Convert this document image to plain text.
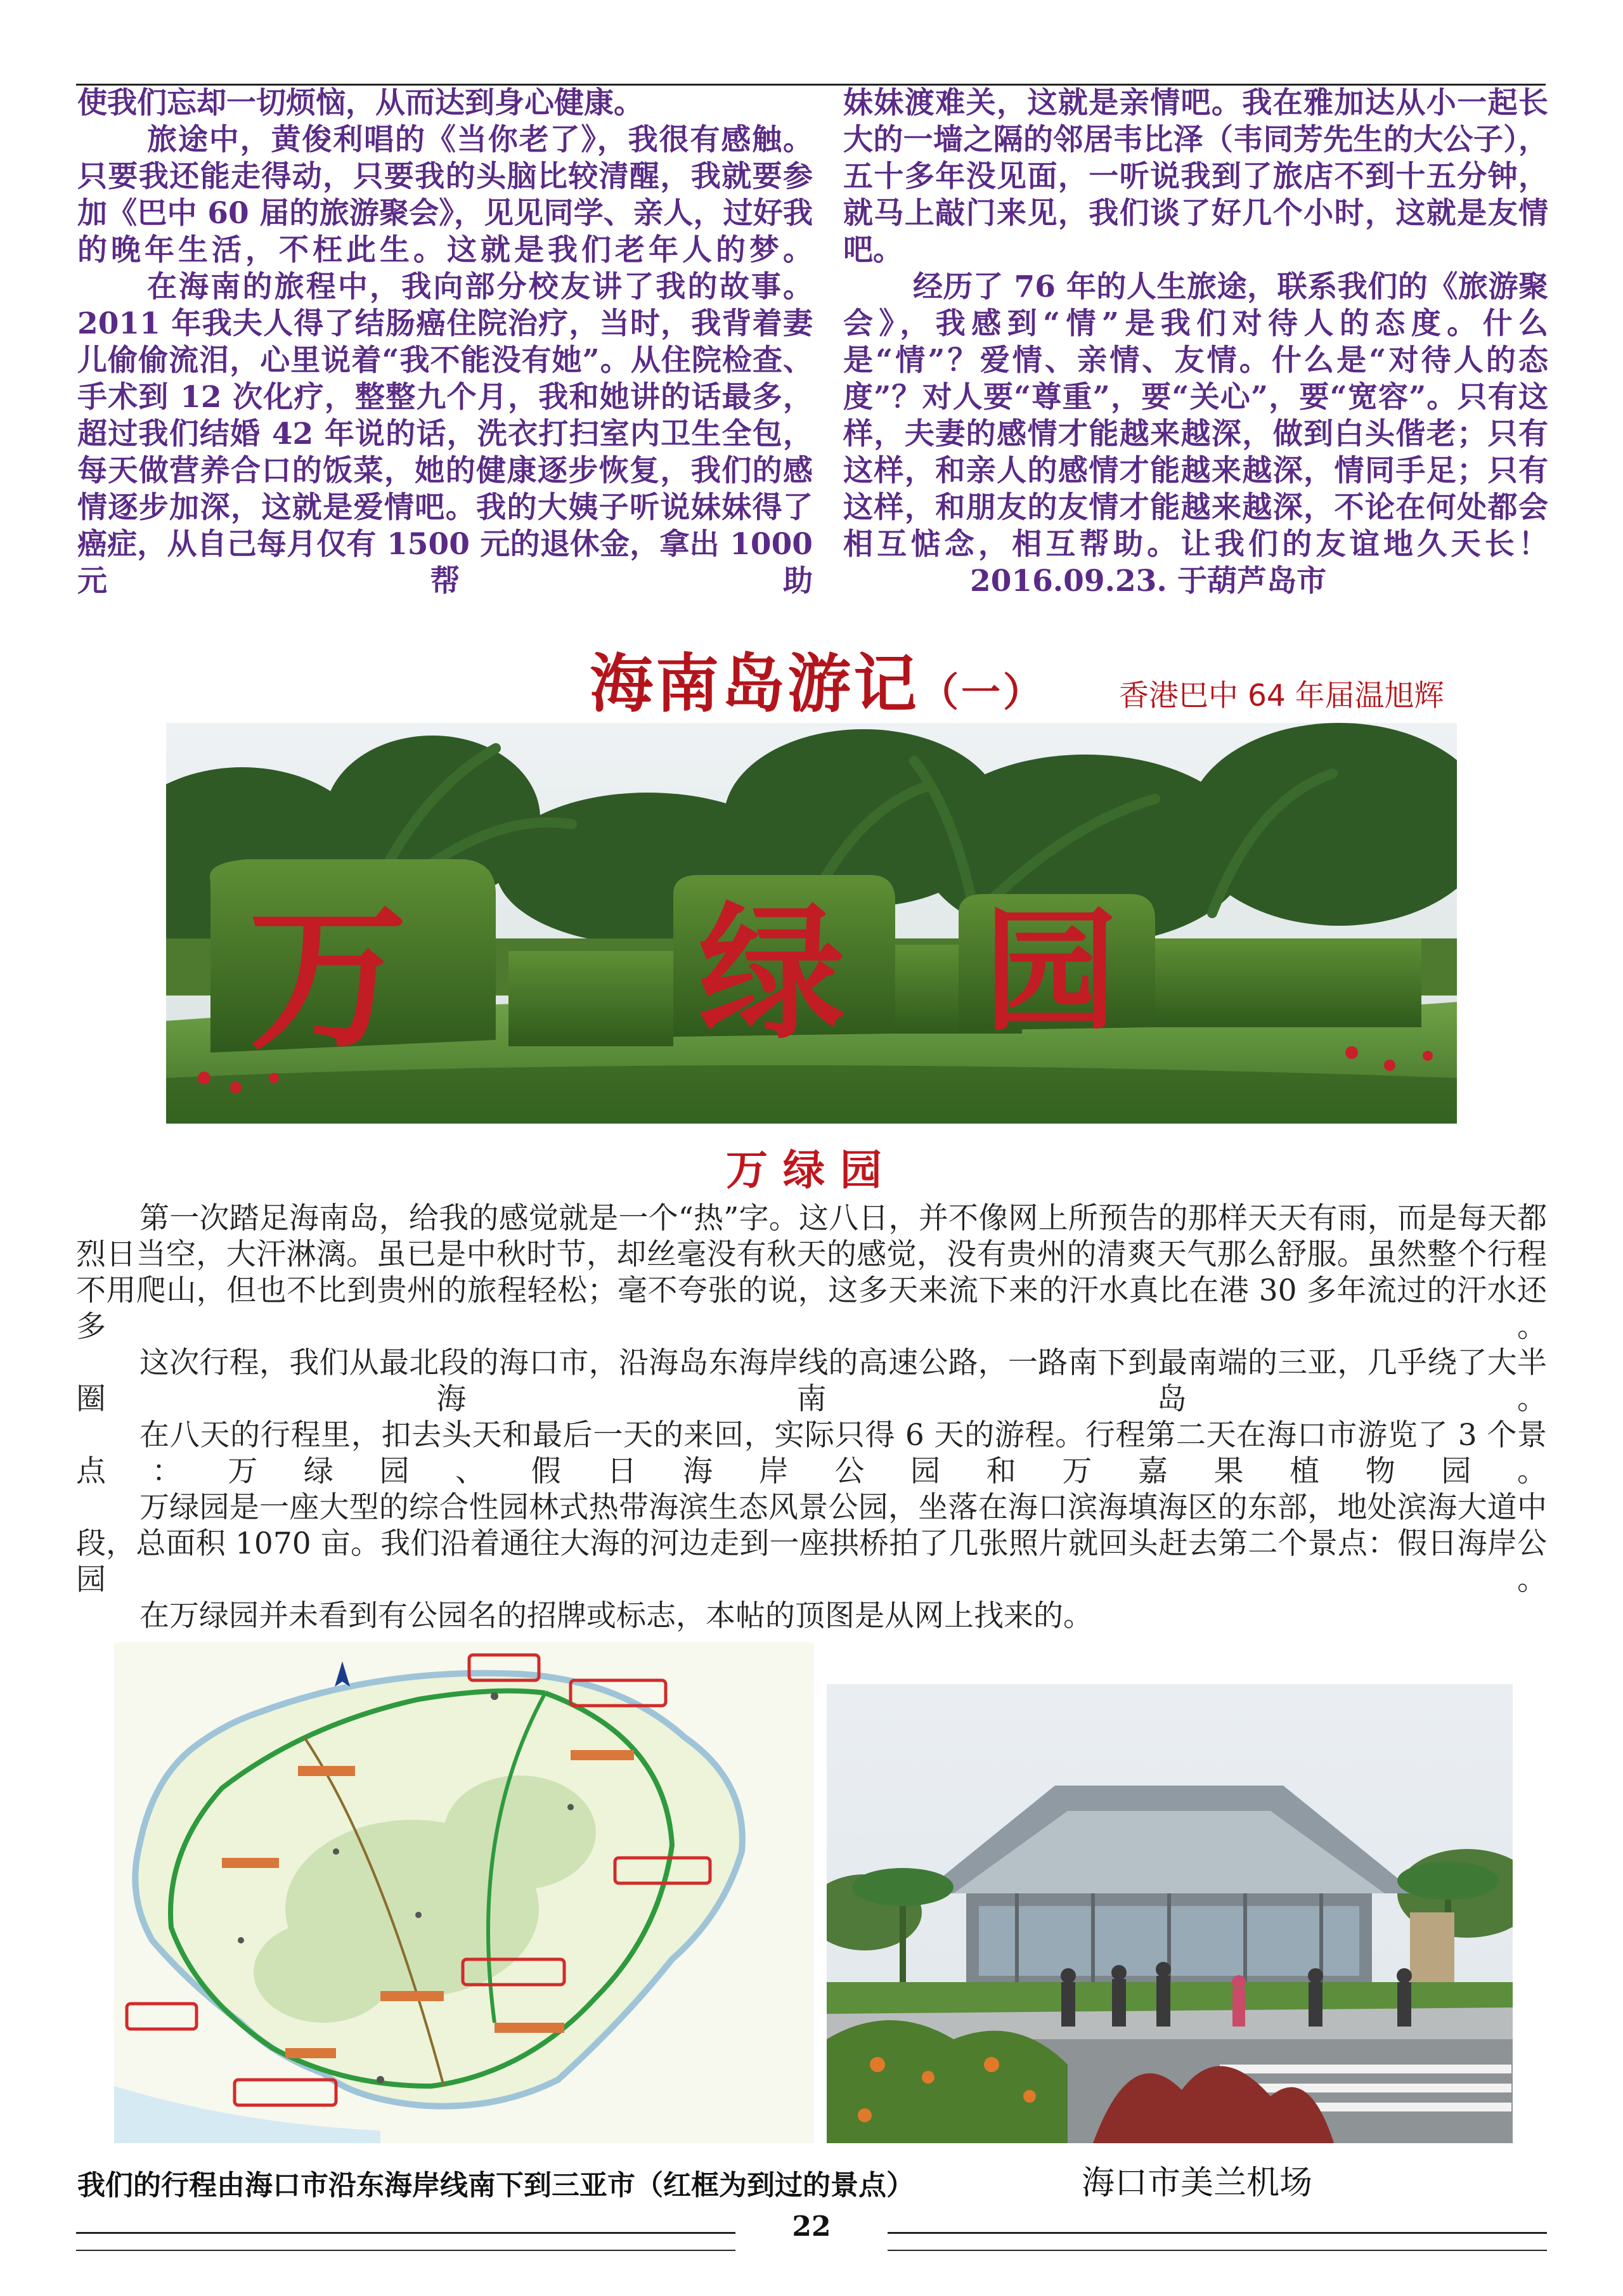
使我们忘却一切烦恼，从而达到身心健康。

旅途中，黄俊利唱的《当你老了》，我很有感触。只要我还能走得动，只要我的头脑比较清醒，我就要参加《巴中 60 届的旅游聚会》，见见同学、亲人，过好我的晚年生活，不枉此生。这就是我们老年人的梦。

在海南的旅程中，我向部分校友讲了我的故事。2011 年我夫人得了结肠癌住院治疗，当时，我背着妻儿偷偷流泪，心里说着“我不能没有她”。从住院检查、手术到 12 次化疗，整整九个月，我和她讲的话最多，超过我们结婚 42 年说的话，洗衣打扫室内卫生全包，每天做营养合口的饭菜，她的健康逐步恢复，我们的感情逐步加深，这就是爱情吧。我的大姨子听说妹妹得了癌症，从自己每月仅有 1500 元的退休金，拿出 1000 元帮助

妹妹渡难关，这就是亲情吧。我在雅加达从小一起长大的一墙之隔的邻居韦比泽（韦同芳先生的大公子），五十多年没见面，一听说我到了旅店不到十五分钟，就马上敲门来见，我们谈了好几个小时，这就是友情吧。

经历了 76 年的人生旅途，联系我们的《旅游聚会》，我感到“情”是我们对待人的态度。什么是“情”？爱情、亲情、友情。什么是“对待人的态度”？对人要“尊重”，要“关心”，要“宽容”。只有这样，夫妻的感情才能越来越深，做到白头偕老；只有这样，和亲人的感情才能越来越深，情同手足；只有这样，和朋友的友情才能越来越深，不论在何处都会相互惦念，相互帮助。让我们的友谊地久天长！

2016.09.23. 于葫芦岛市

海南岛游记（一） 香港巴中 64 年届温旭辉
万 绿 园
万绿园

第一次踏足海南岛，给我的感觉就是一个“热”字。这八日，并不像网上所预告的那样天天有雨，而是每天都烈日当空，大汗淋漓。虽已是中秋时节，却丝毫没有秋天的感觉，没有贵州的清爽天气那么舒服。虽然整个行程不用爬山，但也不比到贵州的旅程轻松；毫不夸张的说，这多天来流下来的汗水真比在港 30 多年流过的汗水还多。

这次行程，我们从最北段的海口市，沿海岛东海岸线的高速公路，一路南下到最南端的三亚，几乎绕了大半圈海南岛。

在八天的行程里，扣去头天和最后一天的来回，实际只得 6 天的游程。行程第二天在海口市游览了 3 个景点：万绿园、假日海岸公园和万嘉果植物园。

万绿园是一座大型的综合性园林式热带海滨生态风景公园，坐落在海口滨海填海区的东部，地处滨海大道中段，总面积 1070 亩。我们沿着通往大海的河边走到一座拱桥拍了几张照片就回头赶去第二个景点：假日海岸公园。

在万绿园并未看到有公园名的招牌或标志，本帖的顶图是从网上找来的。

我们的行程由海口市沿东海岸线南下到三亚市（红框为到过的景点）	海口市美兰机场
22
